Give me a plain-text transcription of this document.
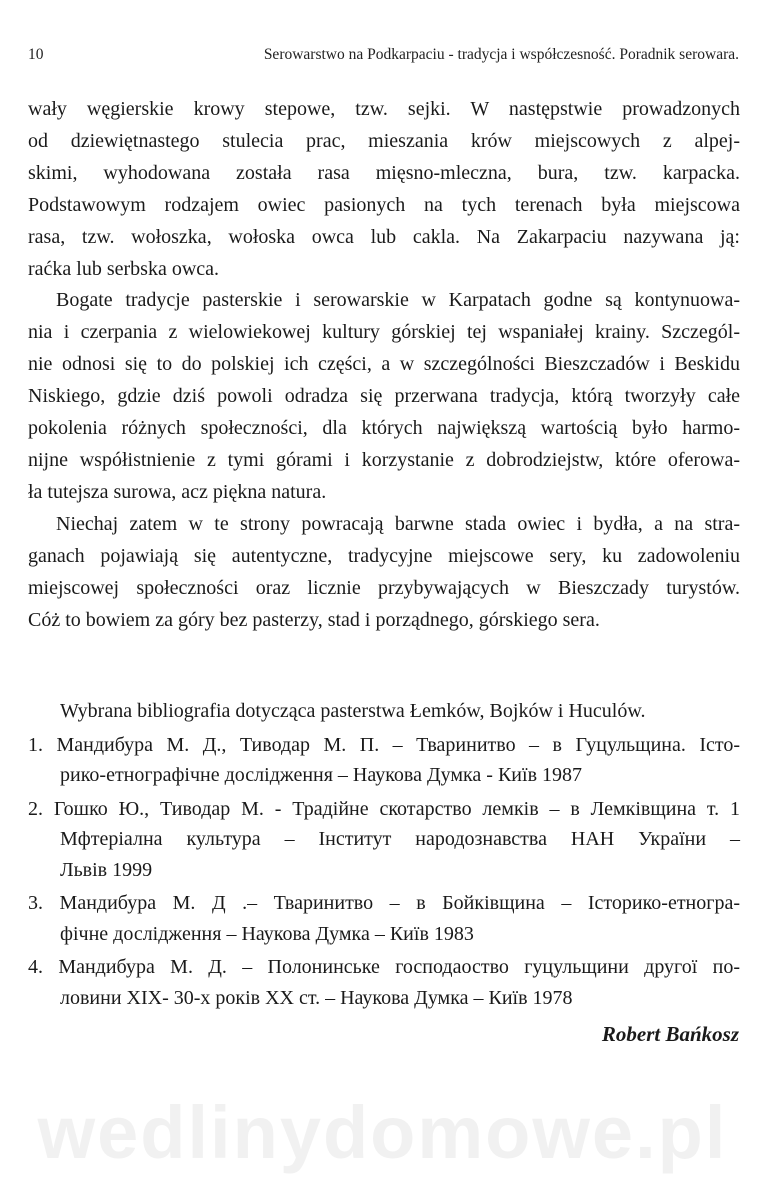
10	Serowarstwo na Podkarpaciu - tradycja i współczesność. Poradnik serowara.
wały węgierskie krowy stepowe, tzw. sejki. W następstwie prowadzonych
od dziewiętnastego stulecia prac, mieszania krów miejscowych z alpej-
skimi, wyhodowana została rasa mięsno-mleczna, bura, tzw. karpacka.
Podstawowym rodzajem owiec pasionych na tych terenach była miejscowa
rasa, tzw. wołoszka, wołoska owca lub cakla. Na Zakarpaciu nazywana ją:
raćka lub serbska owca.
Bogate tradycje pasterskie i serowarskie w Karpatach godne są kontynuowa-
nia i czerpania z wielowiekowej kultury górskiej tej wspaniałej krainy. Szczegól-
nie odnosi się to do polskiej ich części, a w szczególności Bieszczadów i Beskidu
Niskiego, gdzie dziś powoli odradza się przerwana tradycja, którą tworzyły całe
pokolenia różnych społeczności, dla których największą wartością było harmo-
nijne współistnienie z tymi górami i korzystanie z dobrodziejstw, które oferowa-
ła tutejsza surowa, acz piękna natura.
Niechaj zatem w te strony powracają barwne stada owiec i bydła, a na stra-
ganach pojawiają się autentyczne, tradycyjne miejscowe sery, ku zadowoleniu
miejscowej społeczności oraz licznie przybywających w Bieszczady turystów.
Cóż to bowiem za góry bez pasterzy, stad i porządnego, górskiego sera.
Wybrana bibliografia dotycząca pasterstwa Łemków, Bojków i Huculów.
1. Мандибура М. Д., Тиводар М. П. – Тваринитво – в Гуцульщина. Істо-
рико-етнографічне дослідження – Наукова Думка - Київ 1987
2. Гошко Ю., Тиводар М. - Традійне скотарство лемків – в Лемківщина т. 1
Мфтеріална культура – Інститут народознавства НАН України –
Львів 1999
3. Мандибура М. Д .– Тваринитво – в Бойківщина – Історико-етногра-
фічне дослідження – Наукова Думка – Київ 1983
4. Мандибура М. Д. – Полонинське господаоство гуцульщини другої по-
ловини XIX- 30-х років XX ст. – Наукова Думка – Київ 1978
Robert Bańkosz
wedlinydomowe.pl
